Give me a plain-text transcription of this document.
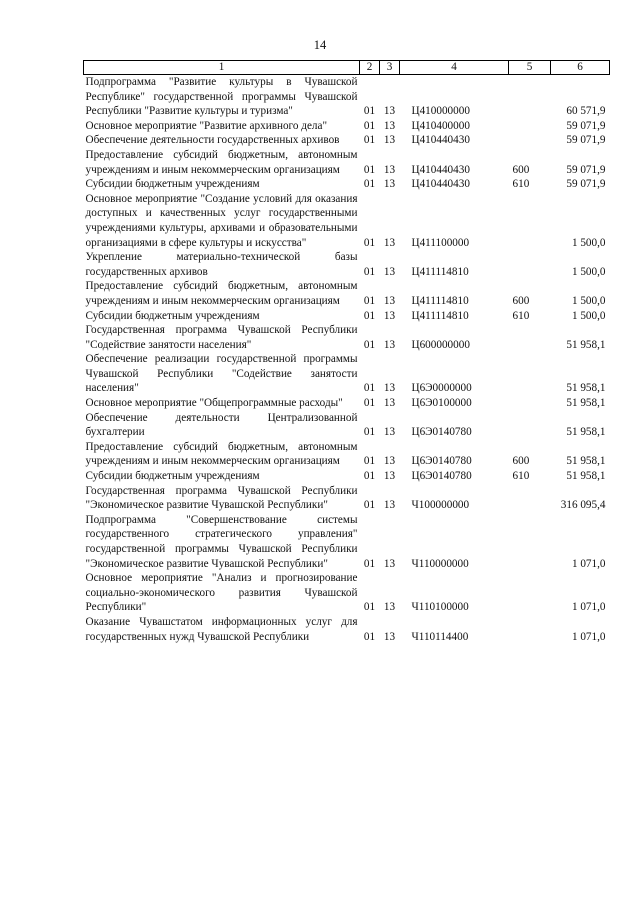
14
1	2	3	4	5	6
Подпрограмма "Развитие культуры в Чувашской Республике" государственной программы Чувашской Республики "Развитие культуры и туризма"	01	13	Ц410000000		60 571,9
Основное мероприятие "Развитие архивного дела"	01	13	Ц410400000		59 071,9
Обеспечение деятельности государственных архивов	01	13	Ц410440430		59 071,9
Предоставление субсидий бюджетным, автономным учреждениям и иным некоммерческим организациям	01	13	Ц410440430	600	59 071,9
Субсидии бюджетным учреждениям	01	13	Ц410440430	610	59 071,9
Основное мероприятие "Создание условий для оказания доступных и качественных услуг государственными учреждениями культуры, архивами и образовательными организациями в сфере культуры и искусства"	01	13	Ц411100000		1 500,0
Укрепление материально-технической базы государственных архивов	01	13	Ц411114810		1 500,0
Предоставление субсидий бюджетным, автономным учреждениям и иным некоммерческим организациям	01	13	Ц411114810	600	1 500,0
Субсидии бюджетным учреждениям	01	13	Ц411114810	610	1 500,0
Государственная программа Чувашской Республики "Содействие занятости населения"	01	13	Ц600000000		51 958,1
Обеспечение реализации государственной программы Чувашской Республики "Содействие занятости населения"	01	13	Ц6Э0000000		51 958,1
Основное мероприятие "Общепрограммные расходы"	01	13	Ц6Э0100000		51 958,1
Обеспечение деятельности Централизованной бухгалтерии	01	13	Ц6Э0140780		51 958,1
Предоставление субсидий бюджетным, автономным учреждениям и иным некоммерческим организациям	01	13	Ц6Э0140780	600	51 958,1
Субсидии бюджетным учреждениям	01	13	Ц6Э0140780	610	51 958,1
Государственная программа Чувашской Республики "Экономическое развитие Чувашской Республики"	01	13	Ч100000000		316 095,4
Подпрограмма "Совершенствование системы государственного стратегического управления" государственной программы Чувашской Республики "Экономическое развитие Чувашской Республики"	01	13	Ч110000000		1 071,0
Основное мероприятие "Анализ и прогнозирование социально-экономического развития Чувашской Республики"	01	13	Ч110100000		1 071,0
Оказание Чувашстатом информационных услуг для государственных нужд Чувашской Республики	01	13	Ч110114400		1 071,0
